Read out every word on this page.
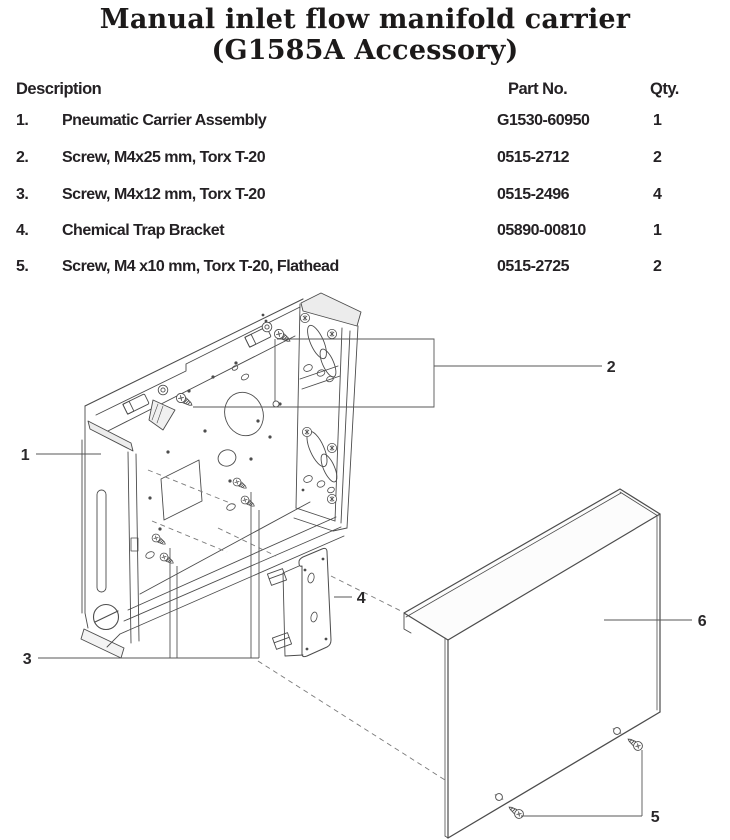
Manual inlet flow manifold carrier
(G1585A Accessory)
Description	Part No.	Qty.
1. Pneumatic Carrier Assembly	G1530-60950	1
2. Screw, M4x25 mm, Torx T-20	0515-2712	2
3. Screw, M4x12 mm, Torx T-20	0515-2496	4
4. Chemical Trap Bracket	05890-00810	1
5. Screw, M4 x10 mm, Torx T-20, Flathead	0515-2725	2
1
2
3
4
5
6
